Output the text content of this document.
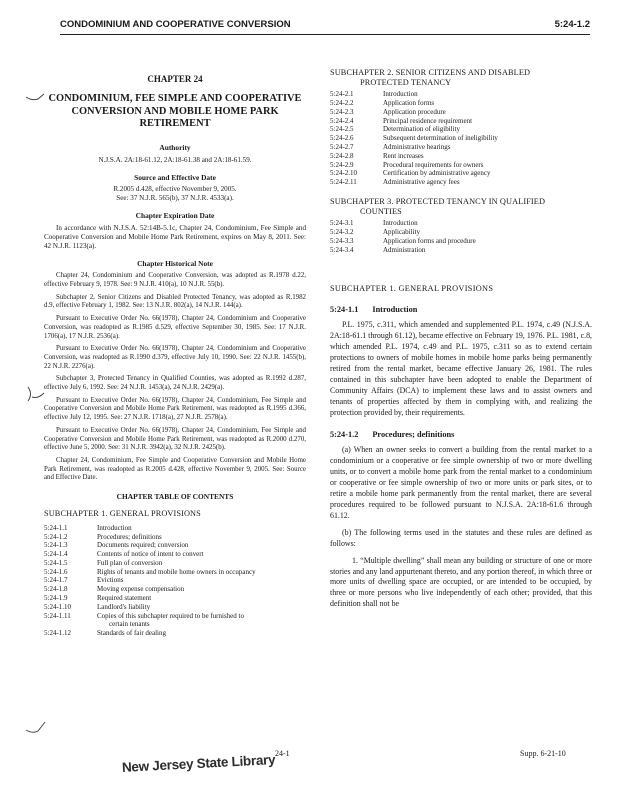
CONDOMINIUM AND COOPERATIVE CONVERSION	5:24-1.2
CHAPTER 24
CONDOMINIUM, FEE SIMPLE AND COOPERATIVE CONVERSION AND MOBILE HOME PARK RETIREMENT
Authority
N.J.S.A. 2A:18-61.12, 2A:18-61.38 and 2A:18-61.59.
Source and Effective Date
R.2005 d.428, effective November 9, 2005.
See: 37 N.J.R. 565(b), 37 N.J.R. 4533(a).
Chapter Expiration Date
In accordance with N.J.S.A. 52:14B-5.1c, Chapter 24, Condominium, Fee Simple and Cooperative Conversion and Mobile Home Park Retirement, expires on May 8, 2011. See: 42 N.J.R. 1123(a).
Chapter Historical Note
Chapter 24, Condominium and Cooperative Conversion, was adopted as R.1978 d.22, effective February 9, 1978. See: 9 N.J.R. 410(a), 10 N.J.R. 55(b).
Subchapter 2, Senior Citizens and Disabled Protected Tenancy, was adopted as R.1982 d.9, effective February 1, 1982. See: 13 N.J.R. 802(a), 14 N.J.R. 144(a).
Pursuant to Executive Order No. 66(1978), Chapter 24, Condominium and Cooperative Conversion, was readopted as R.1985 d.529, effective September 30, 1985. See: 17 N.J.R. 1706(a), 17 N.J.R. 2536(a).
Pursuant to Executive Order No. 66(1978), Chapter 24, Condominium and Cooperative Conversion, was readopted as R.1990 d.379, effective July 10, 1990. See: 22 N.J.R. 1455(b), 22 N.J.R. 2276(a).
Subchapter 3, Protected Tenancy in Qualified Counties, was adopted as R.1992 d.287, effective July 6, 1992. See: 24 N.J.R. 1453(a), 24 N.J.R. 2429(a).
Pursuant to Executive Order No. 66(1978), Chapter 24, Condominium, Fee Simple and Cooperative Conversion and Mobile Home Park Retirement, was readopted as R.1995 d.366, effective July 12, 1995. See: 27 N.J.R. 1718(a), 27 N.J.R. 2578(a).
Pursuant to Executive Order No. 66(1978), Chapter 24, Condominium, Fee Simple and Cooperative Conversion and Mobile Home Park Retirement, was readopted as R.2000 d.270, effective June 5, 2000. See: 31 N.J.R. 3942(a), 32 N.J.R. 2425(b).
Chapter 24, Condominium, Fee Simple and Cooperative Conversion and Mobile Home Park Retirement, was readopted as R.2005 d.428, effective November 9, 2005. See: Source and Effective Date.
CHAPTER TABLE OF CONTENTS
SUBCHAPTER 1. GENERAL PROVISIONS
5:24-1.1	Introduction
5:24-1.2	Procedures; definitions
5:24-1.3	Documents required; conversion
5:24-1.4	Contents of notice of intent to convert
5:24-1.5	Full plan of conversion
5:24-1.6	Rights of tenants and mobile home owners in occupancy
5:24-1.7	Evictions
5:24-1.8	Moving expense compensation
5:24-1.9	Required statement
5:24-1.10	Landlord's liability
5:24-1.11	Copies of this subchapter required to be furnished to
certain tenants
5:24-1.12	Standards of fair dealing
SUBCHAPTER 2. SENIOR CITIZENS AND DISABLED
PROTECTED TENANCY
5:24-2.1	Introduction
5:24-2.2	Application forms
5:24-2.3	Application procedure
5:24-2.4	Principal residence requirement
5:24-2.5	Determination of eligibility
5:24-2.6	Subsequent determination of ineligibility
5:24-2.7	Administrative hearings
5:24-2.8	Rent increases
5:24-2.9	Procedural requirements for owners
5:24-2.10	Certification by administrative agency
5:24-2.11	Administrative agency fees
SUBCHAPTER 3. PROTECTED TENANCY IN QUALIFIED
COUNTIES
5:24-3.1	Introduction
5:24-3.2	Applicability
5:24-3.3	Application forms and procedure
5:24-3.4	Administration
SUBCHAPTER 1. GENERAL PROVISIONS
5:24-1.1 Introduction
P.L. 1975, c.311, which amended and supplemented P.L. 1974, c.49 (N.J.S.A. 2A:18-61.1 through 61.12), became effective on February 19, 1976. P.L. 1981, c.8, which amended P.L. 1974, c.49 and P.L. 1975, c.311 so as to extend certain protections to owners of mobile homes in mobile home parks being permanently retired from the rental market, became effective January 26, 1981. The rules contained in this subchapter have been adopted to enable the Department of Community Affairs (DCA) to implement these laws and to assist owners and tenants of properties affected by them in complying with, and realizing the protection provided by, their requirements.
5:24-1.2 Procedures; definitions
(a) When an owner seeks to convert a building from the rental market to a condominium or a cooperative or fee simple ownership of two or more dwelling units, or to convert a mobile home park from the rental market to a condominium or cooperative or fee simple ownership of two or more units or park sites, or to retire a mobile home park permanently from the rental market, there are several procedures required to be followed pursuant to N.J.S.A. 2A:18-61.6 through 61.12.
(b) The following terms used in the statutes and these rules are defined as follows:
1. “Multiple dwelling” shall mean any building or structure of one or more stories and any land appurtenant thereto, and any portion thereof, in which three or more units of dwelling space are occupied, or are intended to be occupied, by three or more persons who live independently of each other; provided, that this definition shall not be
24-1	Supp. 6-21-10
New Jersey State Library
